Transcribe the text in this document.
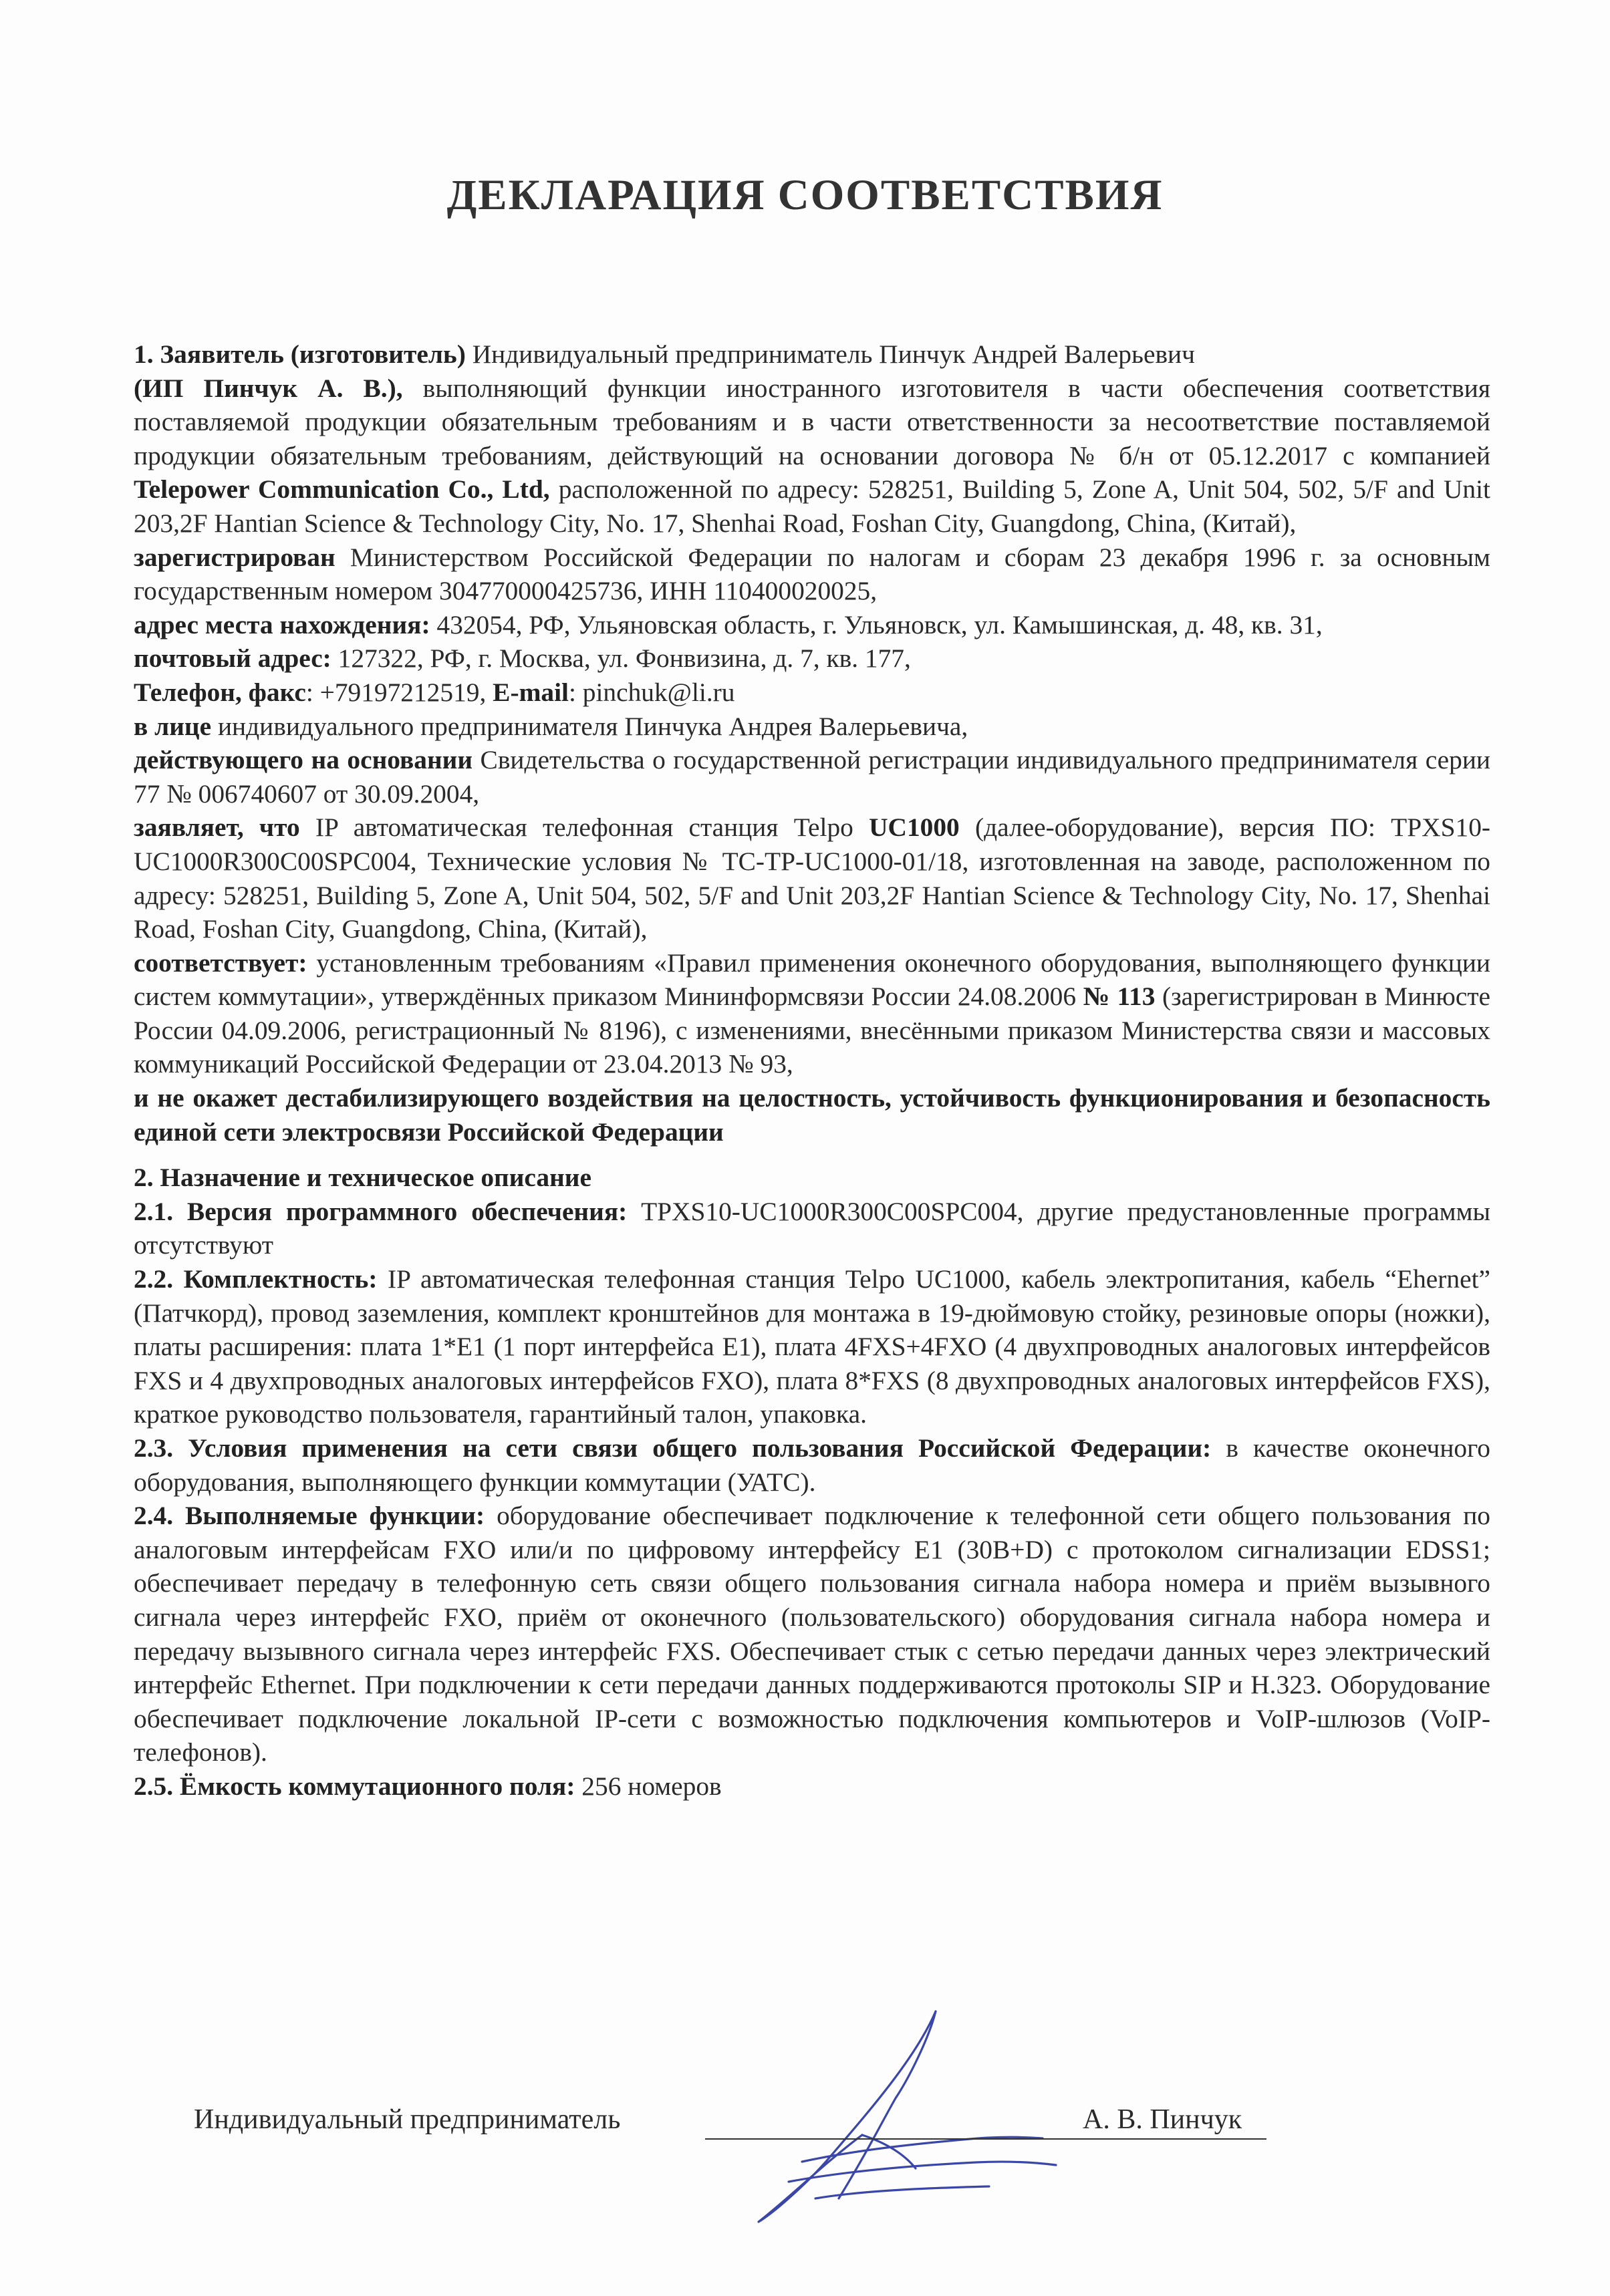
ДЕКЛАРАЦИЯ СООТВЕТСТВИЯ

1. Заявитель (изготовитель) Индивидуальный предприниматель Пинчук Андрей Валерьевич
(ИП Пинчук А. В.), выполняющий функции иностранного изготовителя в части обеспечения соответствия поставляемой продукции обязательным требованиям и в части ответственности за несоответствие поставляемой продукции обязательным требованиям, действующий на основании договора № б/н от 05.12.2017 с компанией Telepower Communication Co., Ltd, расположенной по адресу: 528251, Building 5, Zone A, Unit 504, 502, 5/F and Unit 203,2F Hantian Science & Technology City, No. 17, Shenhai Road, Foshan City, Guangdong, China, (Китай),

зарегистрирован Министерством Российской Федерации по налогам и сборам 23 декабря 1996 г. за основным государственным номером 304770000425736, ИНН 110400020025,

адрес места нахождения: 432054, РФ, Ульяновская область, г. Ульяновск, ул. Камышинская, д. 48, кв. 31,

почтовый адрес: 127322, РФ, г. Москва, ул. Фонвизина, д. 7, кв. 177,

Телефон, факс: +79197212519, E-mail: pinchuk@li.ru

в лице индивидуального предпринимателя Пинчука Андрея Валерьевича,

действующего на основании Свидетельства о государственной регистрации индивидуального предпринимателя серии 77 № 006740607 от 30.09.2004,

заявляет, что IP автоматическая телефонная станция Telpo UC1000 (далее-оборудование), версия ПО: TPXS10-UC1000R300C00SPC004, Технические условия № ТС-TP-UC1000-01/18, изготовленная на заводе, расположенном по адресу: 528251, Building 5, Zone A, Unit 504, 502, 5/F and Unit 203,2F Hantian Science & Technology City, No. 17, Shenhai Road, Foshan City, Guangdong, China, (Китай),

соответствует: установленным требованиям «Правил применения оконечного оборудования, выполняющего функции систем коммутации», утверждённых приказом Мининформсвязи России 24.08.2006 № 113 (зарегистрирован в Минюсте России 04.09.2006, регистрационный № 8196), с изменениями, внесёнными приказом Министерства связи и массовых коммуникаций Российской Федерации от 23.04.2013 № 93,

и не окажет дестабилизирующего воздействия на целостность, устойчивость функционирования и безопасность единой сети электросвязи Российской Федерации

2. Назначение и техническое описание

2.1. Версия программного обеспечения: TPXS10-UC1000R300C00SPC004, другие предустановленные программы отсутствуют

2.2. Комплектность: IP автоматическая телефонная станция Telpo UC1000, кабель электропитания, кабель “Ehernet” (Патчкорд), провод заземления, комплект кронштейнов для монтажа в 19-дюймовую стойку, резиновые опоры (ножки), платы расширения: плата 1*E1 (1 порт интерфейса E1), плата 4FXS+4FXO (4 двухпроводных аналоговых интерфейсов FXS и 4 двухпроводных аналоговых интерфейсов FXO), плата 8*FXS (8 двухпроводных аналоговых интерфейсов FXS), краткое руководство пользователя, гарантийный талон, упаковка.

2.3. Условия применения на сети связи общего пользования Российской Федерации: в качестве оконечного оборудования, выполняющего функции коммутации (УАТС).

2.4. Выполняемые функции: оборудование обеспечивает подключение к телефонной сети общего пользования по аналоговым интерфейсам FXO или/и по цифровому интерфейсу E1 (30B+D) с протоколом сигнализации EDSS1; обеспечивает передачу в телефонную сеть связи общего пользования сигнала набора номера и приём вызывного сигнала через интерфейс FXO, приём от оконечного (пользовательского) оборудования сигнала набора номера и передачу вызывного сигнала через интерфейс FXS. Обеспечивает стык с сетью передачи данных через электрический интерфейс Ethernet. При подключении к сети передачи данных поддерживаются протоколы SIP и H.323. Оборудование обеспечивает подключение локальной IP-сети с возможностью подключения компьютеров и VoIP-шлюзов (VoIP-телефонов).

2.5. Ёмкость коммутационного поля: 256 номеров

Индивидуальный предприниматель	А. В. Пинчук
